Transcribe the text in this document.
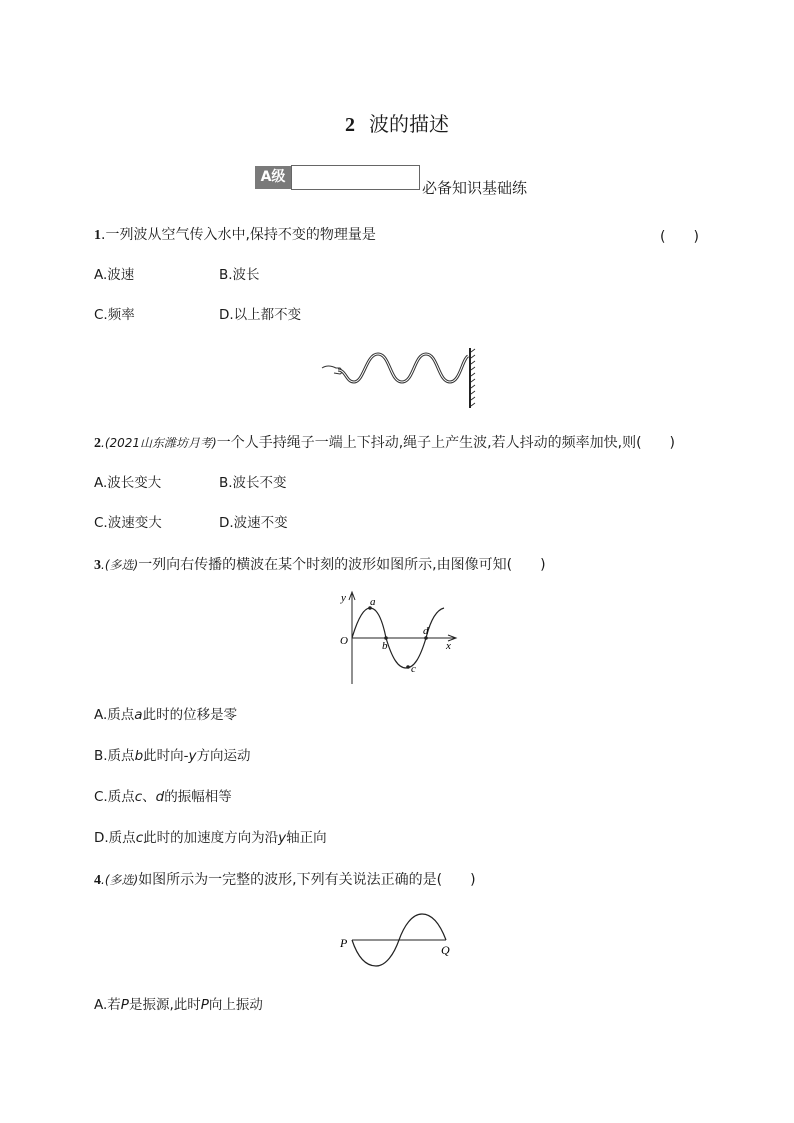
2 波的描述
A级
必备知识基础练
1.一列波从空气传入水中,保持不变的物理量是	(　　)
A.波速	B.波长
C.频率	D.以上都不变
2.(2021山东潍坊月考)一个人手持绳子一端上下抖动,绳子上产生波,若人抖动的频率加快,则(　　)
A.波长变大	B.波长不变
C.波速变大	D.波速不变
3.(多选)一列向右传播的横波在某个时刻的波形如图所示,由图像可知(　　)
y
x
O
a
b
c
d
A.质点a此时的位移是零
B.质点b此时向-y方向运动
C.质点c、d的振幅相等
D.质点c此时的加速度方向为沿y轴正向
4.(多选)如图所示为一完整的波形,下列有关说法正确的是(　　)
P	Q
A.若P是振源,此时P向上振动
